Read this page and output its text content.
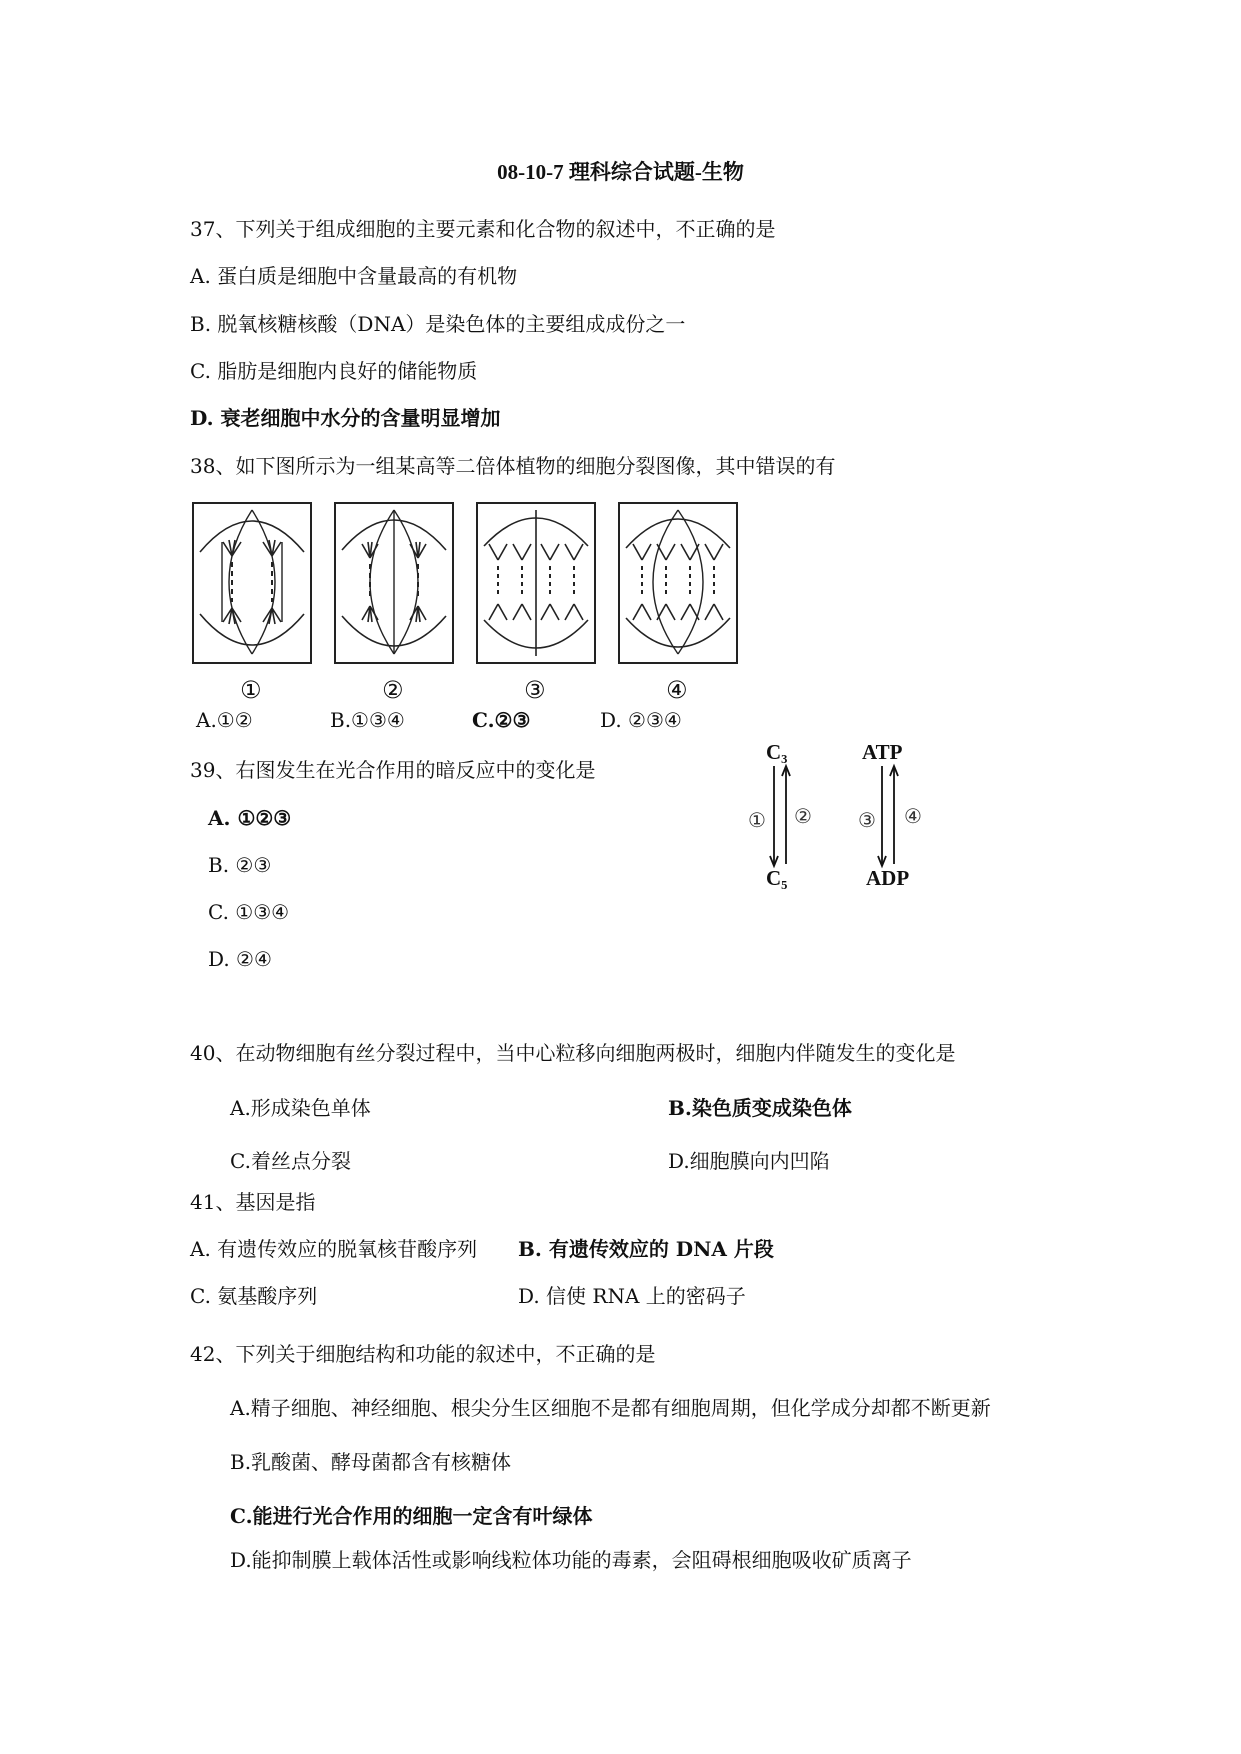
08-10-7 理科综合试题-生物
37、下列关于组成细胞的主要元素和化合物的叙述中，不正确的是
A. 蛋白质是细胞中含量最高的有机物
B. 脱氧核糖核酸（DNA）是染色体的主要组成成份之一
C. 脂肪是细胞内良好的储能物质
D. 衰老细胞中水分的含量明显增加
38、如下图所示为一组某高等二倍体植物的细胞分裂图像，其中错误的有
①	②	③	④
A.①②	B.①③④	C.②③	D. ②③④
39、右图发生在光合作用的暗反应中的变化是
A. ①②③
B. ②③
C. ①③④
D. ②④
C₃	ATP
C₅	ADP
① ② ③ ④
40、在动物细胞有丝分裂过程中，当中心粒移向细胞两极时，细胞内伴随发生的变化是
A.形成染色单体	B.染色质变成染色体
C.着丝点分裂	D.细胞膜向内凹陷
41、基因是指
A. 有遗传效应的脱氧核苷酸序列 B. 有遗传效应的 DNA 片段
C. 氨基酸序列	D. 信使 RNA 上的密码子
42、下列关于细胞结构和功能的叙述中，不正确的是
A.精子细胞、神经细胞、根尖分生区细胞不是都有细胞周期，但化学成分却都不断更新
B.乳酸菌、酵母菌都含有核糖体
C.能进行光合作用的细胞一定含有叶绿体
D.能抑制膜上载体活性或影响线粒体功能的毒素，会阻碍根细胞吸收矿质离子
